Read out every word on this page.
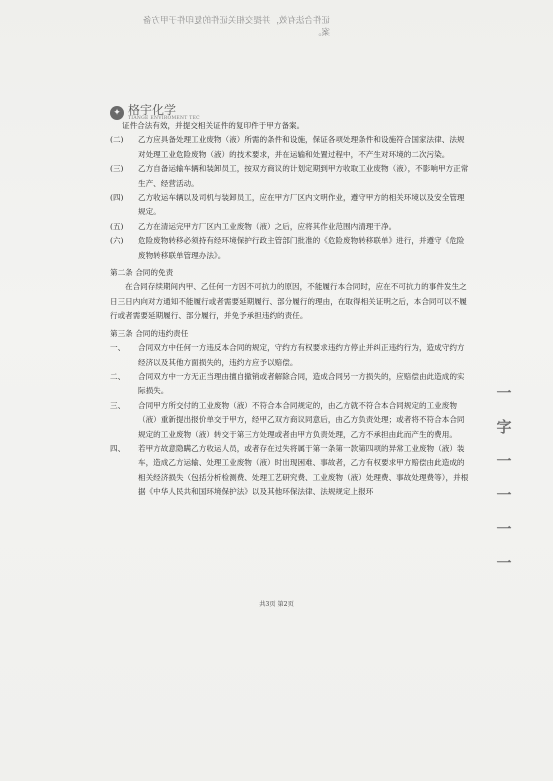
证件合法有效，并提交相关证件的复印件于甲方备案。
✦ 格宇化学
TIANGE ENVIROMENT TEC
证件合法有效，并提交相关证件的复印件于甲方备案。
(二) 乙方应具备处理工业废物（液）所需的条件和设施，保证各项处理条件和设施符合国家法律、法规对处理工业危险废物（液）的技术要求，并在运输和处置过程中，不产生对环境的二次污染。
(三) 乙方自备运输车辆和装卸员工，按双方商议的计划定期到甲方收取工业废物（液），不影响甲方正常生产、经营活动。
(四) 乙方收运车辆以及司机与装卸员工，应在甲方厂区内文明作业，遵守甲方的相关环境以及安全管理规定。
(五) 乙方在清运完甲方厂区内工业废物（液）之后，应将其作业范围内清理干净。
(六) 危险废物转移必须持有经环境保护行政主管部门批准的《危险废物转移联单》进行，并遵守《危险废物转移联单管理办法》。
第二条 合同的免责
在合同存续期间内甲、乙任何一方因不可抗力的原因，不能履行本合同时，应在不可抗力的事件发生之日三日内向对方通知不能履行或者需要延期履行、部分履行的理由，在取得相关证明之后，本合同可以不履行或者需要延期履行、部分履行，并免予承担违约的责任。
第三条 合同的违约责任
一、 合同双方中任何一方违反本合同的规定，守约方有权要求违约方停止并纠正违约行为，造成守约方经济以及其他方面损失的，违约方应予以赔偿。
二、 合同双方中一方无正当理由擅自撤销或者解除合同，造成合同另一方损失的，应赔偿由此造成的实际损失。
三、 合同甲方所交付的工业废物（液）不符合本合同规定的，由乙方就不符合本合同规定的工业废物（液）重新提出报价单交于甲方，经甲乙双方商议同意后，由乙方负责处理；或者将不符合本合同规定的工业废物（液）转交于第三方处理或者由甲方负责处理，乙方不承担由此而产生的费用。
四、 若甲方故意隐瞒乙方收运人员，或者存在过失将属于第一条第一款第四项的异常工业废物（液）装车，造成乙方运输、处理工业废物（液）时出现困难、事故者，乙方有权要求甲方赔偿由此造成的相关经济损失（包括分析检测费、处理工艺研究费、工业废物（液）处理费、事故处理费等），并根据《中华人民共和国环境保护法》以及其他环保法律、法规规定上报环
一
字
一
一
一
一
共3页 第2页
